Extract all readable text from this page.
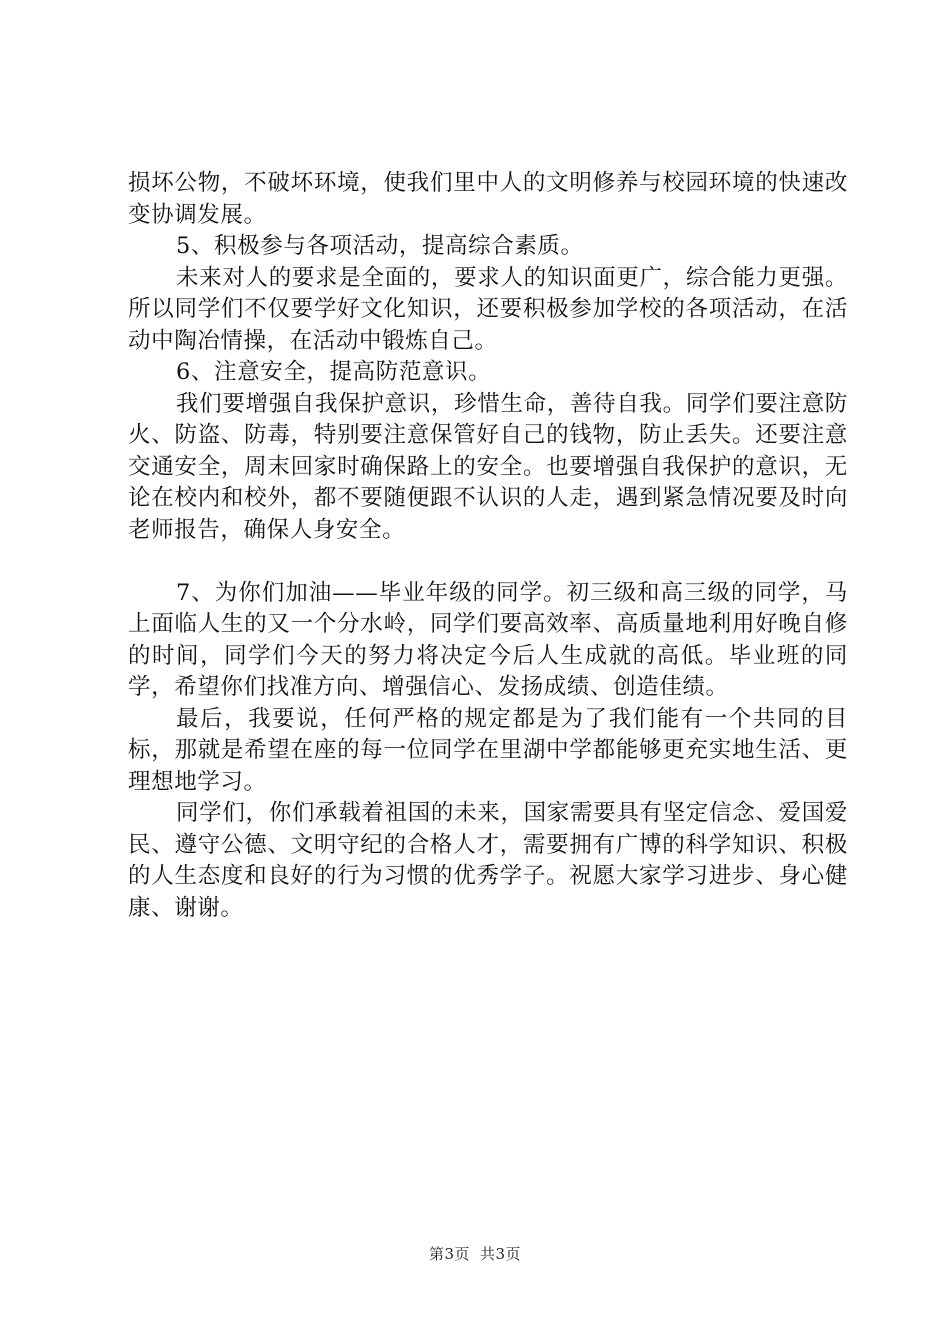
损坏公物，不破坏环境，使我们里中人的文明修养与校园环境的快速改变协调发展。

5、积极参与各项活动，提高综合素质。

未来对人的要求是全面的，要求人的知识面更广，综合能力更强。所以同学们不仅要学好文化知识，还要积极参加学校的各项活动，在活动中陶冶情操，在活动中锻炼自己。

6、注意安全，提高防范意识。

我们要增强自我保护意识，珍惜生命，善待自我。同学们要注意防火、防盗、防毒，特别要注意保管好自己的钱物，防止丢失。还要注意交通安全，周末回家时确保路上的安全。也要增强自我保护的意识，无论在校内和校外，都不要随便跟不认识的人走，遇到紧急情况要及时向老师报告，确保人身安全。

7、为你们加油——毕业年级的同学。初三级和高三级的同学，马上面临人生的又一个分水岭，同学们要高效率、高质量地利用好晚自修的时间，同学们今天的努力将决定今后人生成就的高低。毕业班的同学，希望你们找准方向、增强信心、发扬成绩、创造佳绩。

最后，我要说，任何严格的规定都是为了我们能有一个共同的目标，那就是希望在座的每一位同学在里湖中学都能够更充实地生活、更理想地学习。

同学们，你们承载着祖国的未来，国家需要具有坚定信念、爱国爱民、遵守公德、文明守纪的合格人才，需要拥有广博的科学知识、积极的人生态度和良好的行为习惯的优秀学子。祝愿大家学习进步、身心健康、谢谢。

第3页 共3页
